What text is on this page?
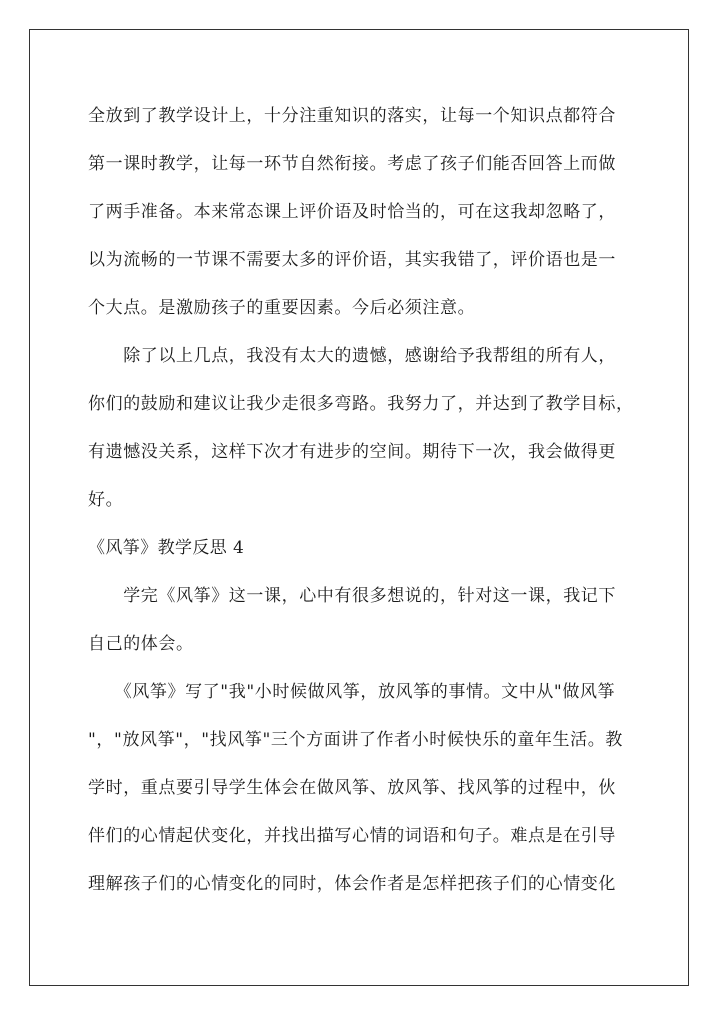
全放到了教学设计上，十分注重知识的落实，让每一个知识点都符合
第一课时教学，让每一环节自然衔接。考虑了孩子们能否回答上而做
了两手准备。本来常态课上评价语及时恰当的，可在这我却忽略了，
以为流畅的一节课不需要太多的评价语，其实我错了，评价语也是一
个大点。是激励孩子的重要因素。今后必须注意。
　　除了以上几点，我没有太大的遗憾，感谢给予我帮组的所有人，
你们的鼓励和建议让我少走很多弯路。我努力了，并达到了教学目标，
有遗憾没关系，这样下次才有进步的空间。期待下一次，我会做得更
好。
《风筝》教学反思 4
　　学完《风筝》这一课，心中有很多想说的，针对这一课，我记下
自己的体会。
　　《风筝》写了"我"小时候做风筝，放风筝的事情。文中从"做风筝
"，"放风筝"，"找风筝"三个方面讲了作者小时候快乐的童年生活。教
学时，重点要引导学生体会在做风筝、放风筝、找风筝的过程中，伙
伴们的心情起伏变化，并找出描写心情的词语和句子。难点是在引导
理解孩子们的心情变化的同时，体会作者是怎样把孩子们的心情变化
